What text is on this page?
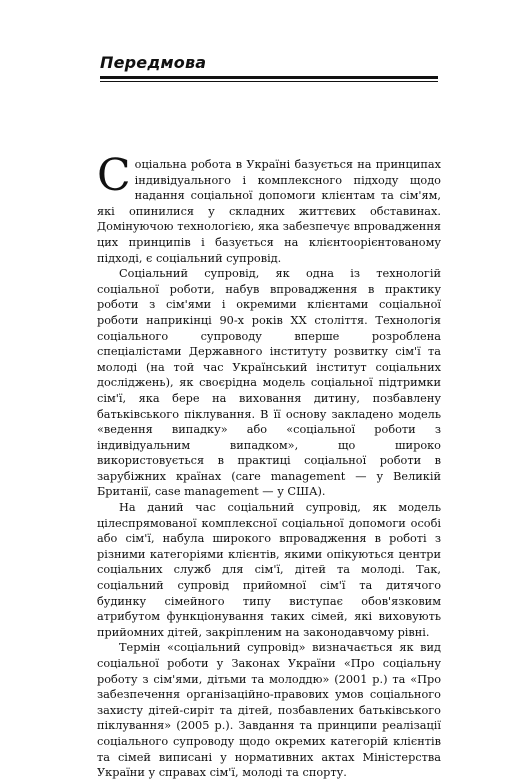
Передмова

Соціальна робота в Україні базується на принципах індивідуального і комплексного підходу щодо надання соціальної допомоги клієнтам та сім'ям, які опинилися у складних життєвих обставинах. Домінуючою технологією, яка забезпечує впровадження цих принципів і базується на клієнтоорієнтованому підході, є соціальний супровід.

Соціальний супровід, як одна із технологій соціальної роботи, набув впровадження в практику роботи з сім'ями і окремими клієнтами соціальної роботи наприкінці 90-х років XX століття. Технологія соціального супроводу вперше розроблена спеціалістами Державного інституту розвитку сім'ї та молоді (на той час Український інститут соціальних досліджень), як своєрідна модель соціальної підтримки сім'ї, яка бере на виховання дитину, позбавлену батьківського піклування. В її основу закладено модель «ведення випадку» або «соціальної роботи з індивідуальним випадком», що широко використовується в практиці соціальної роботи в зарубіжних країнах (care management — у Великій Британії, case management — у США).

На даний час соціальний супровід, як модель цілеспрямованої комплексної соціальної допомоги особі або сім'ї, набула широкого впровадження в роботі з різними категоріями клієнтів, якими опікуються центри соціальних служб для сім'ї, дітей та молоді. Так, соціальний супровід прийомної сім'ї та дитячого будинку сімейного типу виступає обов'язковим атрибутом функціонування таких сімей, які виховують прийомних дітей, закріпленим на законодавчому рівні.

Термін «соціальний супровід» визначається як вид соціальної роботи у Законах України «Про соціальну роботу з сім'ями, дітьми та молоддю» (2001 р.) та «Про забезпечення організаційно-правових умов соціального захисту дітей-сиріт та дітей, позбавлених батьківського піклування» (2005 р.). Завдання та принципи реалізації соціального супроводу щодо окремих категорій клієнтів та сімей виписані у нормативних актах Міністерства України у справах сім'ї, молоді та спорту.
